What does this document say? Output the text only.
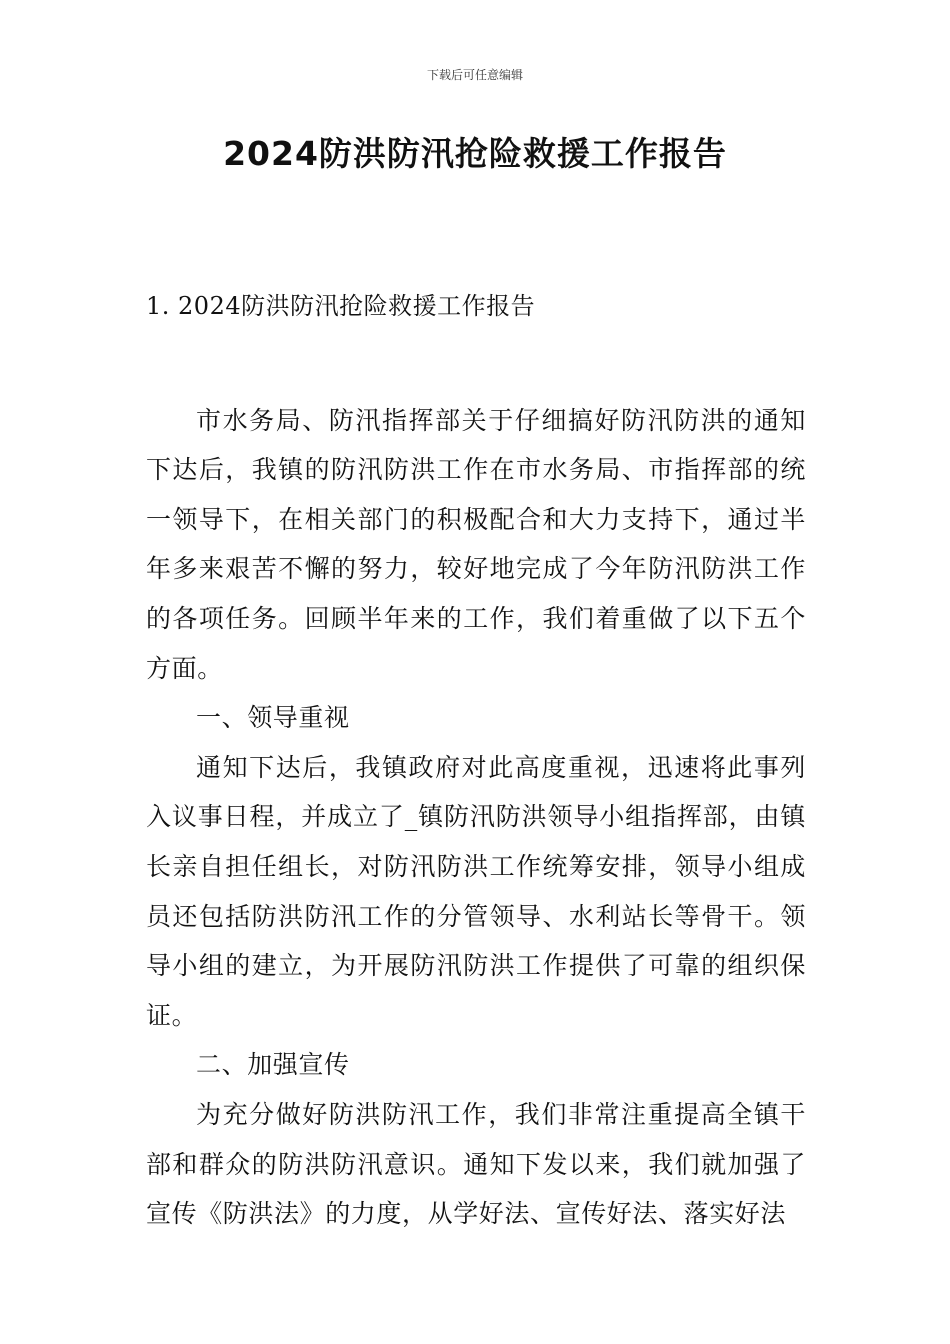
下载后可任意编辑
2024防洪防汛抢险救援工作报告

1. 2024防洪防汛抢险救援工作报告

市水务局、防汛指挥部关于仔细搞好防汛防洪的通知下达后，我镇的防汛防洪工作在市水务局、市指挥部的统一领导下，在相关部门的积极配合和大力支持下，通过半年多来艰苦不懈的努力，较好地完成了今年防汛防洪工作的各项任务。回顾半年来的工作，我们着重做了以下五个方面。

一、领导重视

通知下达后，我镇政府对此高度重视，迅速将此事列入议事日程，并成立了_镇防汛防洪领导小组指挥部，由镇长亲自担任组长，对防汛防洪工作统筹安排，领导小组成员还包括防洪防汛工作的分管领导、水利站长等骨干。领导小组的建立，为开展防汛防洪工作提供了可靠的组织保证。

二、加强宣传

为充分做好防洪防汛工作，我们非常注重提高全镇干部和群众的防洪防汛意识。通知下发以来，我们就加强了宣传《防洪法》的力度，从学好法、宣传好法、落实好法
